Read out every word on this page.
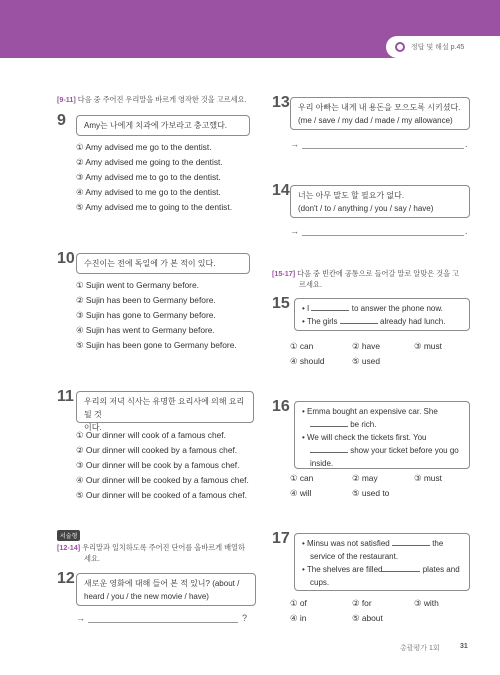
정답 및 해설 p.45
[9-11] 다음 중 주어진 우리말을 바르게 영작한 것을 고르세요.
9	Amy는 나에게 치과에 가보라고 충고했다.
① Amy advised me go to the dentist.
② Amy advised me going to the dentist.
③ Amy advised me to go to the dentist.
④ Amy advised to me go to the dentist.
⑤ Amy advised me to going to the dentist.
10	수진이는 전에 독일에 가 본 적이 있다.
① Sujin went to Germany before.
② Sujin has been to Germany before.
③ Sujin has gone to Germany before.
④ Sujin has went to Germany before.
⑤ Sujin has been gone to Germany before.
11 우리의 저녁 식사는 유명한 요리사에 의해 요리될 것
이다.
① Our dinner will cook of a famous chef.
② Our dinner will cooked by a famous chef.
③ Our dinner will be cook by a famous chef.
④ Our dinner will be cooked by a famous chef.
⑤ Our dinner will be cooked of a famous chef.
서술형
[12-14] 우리말과 일치하도록 주어진 단어를 올바르게 배열하
세요.
12 새로운 영화에 대해 들어 본 적 있니? (about /
heard / you / the new movie / have)
→	?
13 우리 아빠는 내게 내 용돈을 모으도록 시키셨다.
(me / save / my dad / made / my allowance)
→	.
14 너는 아무 말도 할 필요가 없다.
(don't / to / anything / you / say / have)
→	.
[15-17] 다음 중 빈칸에 공통으로 들어갈 말로 알맞은 것을 고
르세요.
15 • I	to answer the phone now.
• The girls	already had lunch.
① can	② have	③ must
④ should	⑤ used
16 • Emma bought an expensive car. She
be rich.
• We will check the tickets first. You
show your ticket before you go
inside.
① can	② may	③ must
④ will	⑤ used to
17 • Minsu was not satisfied	the
service of the restaurant.
• The shelves are filled	plates and
cups.
① of	② for	③ with
④ in	⑤ about
총괄평가 1회	31
